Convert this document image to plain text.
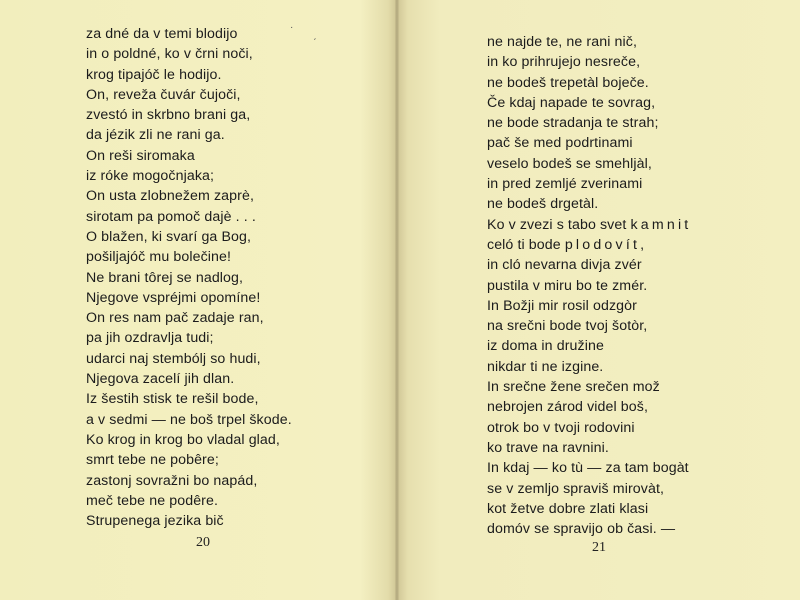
·
ˏ
za dné da v temi blodijo
in o poldné, ko v črni noči,
krog tipajóč le hodijo.
On, reveža čuvár čujoči,
zvestó in skrbno brani ga,
da jézik zli ne rani ga.
On reši siromaka
iz róke mogočnjaka;
On usta zlobnežem zaprè,
sirotam pa pomoč dajè . . .
O blažen, ki svarí ga Bog,
pošiljajóč mu bolečine!
Ne brani tôrej se nadlog,
Njegove vspréjmi opomíne!
On res nam pač zadaje ran,
pa jih ozdravlja tudi;
udarci naj stembólj so hudi,
Njegova zacelí jih dlan.
Iz šestih stisk te rešil bode,
a v sedmi — ne boš trpel škode.
Ko krog in krog bo vladal glad,
smrt tebe ne pobêre;
zastonj sovražni bo napád,
meč tebe ne podêre.
Strupenega jezika bič
20
ne najde te, ne rani nič,
in ko prihrujejo nesreče,
ne bodeš trepetàl boječe.
Če kdaj napade te sovrag,
ne bode stradanja te strah;
pač še med podrtinami
veselo bodeš se smehljàl,
in pred zemljé zverinami
ne bodeš drgetàl.
Ko v zvezi s tabo svet kamnit
celó ti bode plodovít,
in cló nevarna divja zvér
pustila v miru bo te zmér.
In Božji mir rosil odzgòr
na srečni bode tvoj šotòr,
iz doma in družine
nikdar ti ne izgine.
In srečne žene srečen mož
nebrojen zárod videl boš,
otrok bo v tvoji rodovini
ko trave na ravnini.
In kdaj — ko tù — za tam bogàt
se v zemljo spraviš mirovàt,
kot žetve dobre zlati klasi
domóv se spravijo ob časi. —
21
